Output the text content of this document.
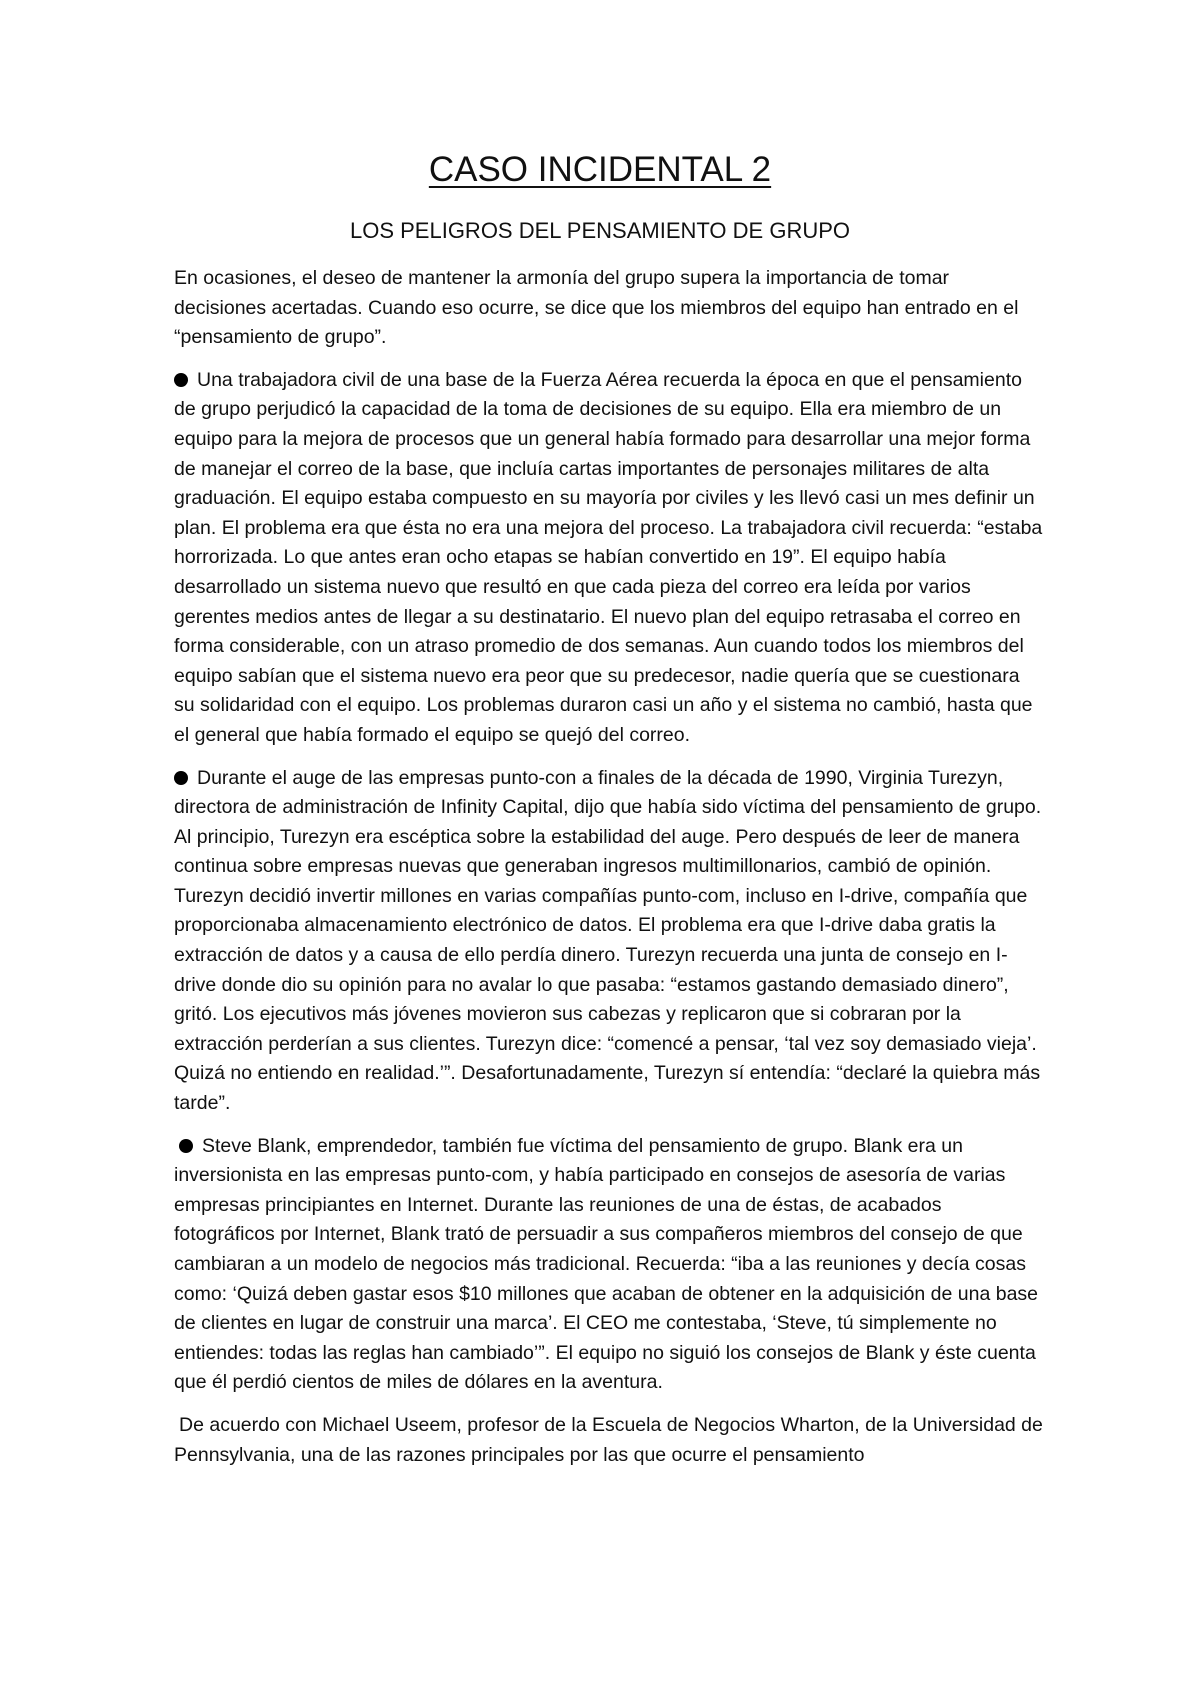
CASO INCIDENTAL 2
LOS PELIGROS DEL PENSAMIENTO DE GRUPO

En ocasiones, el deseo de mantener la armonía del grupo supera la importancia de tomar decisiones acertadas. Cuando eso ocurre, se dice que los miembros del equipo han entrado en el “pensamiento de grupo”.

Una trabajadora civil de una base de la Fuerza Aérea recuerda la época en que el pensamiento de grupo perjudicó la capacidad de la toma de decisiones de su equipo. Ella era miembro de un equipo para la mejora de procesos que un general había formado para desarrollar una mejor forma de manejar el correo de la base, que incluía cartas importantes de personajes militares de alta graduación. El equipo estaba compuesto en su mayoría por civiles y les llevó casi un mes definir un plan. El problema era que ésta no era una mejora del proceso. La trabajadora civil recuerda: “estaba horrorizada. Lo que antes eran ocho etapas se habían convertido en 19”. El equipo había desarrollado un sistema nuevo que resultó en que cada pieza del correo era leída por varios gerentes medios antes de llegar a su destinatario. El nuevo plan del equipo retrasaba el correo en forma considerable, con un atraso promedio de dos semanas. Aun cuando todos los miembros del equipo sabían que el sistema nuevo era peor que su predecesor, nadie quería que se cuestionara su solidaridad con el equipo. Los problemas duraron casi un año y el sistema no cambió, hasta que el general que había formado el equipo se quejó del correo.

Durante el auge de las empresas punto-con a finales de la década de 1990, Virginia Turezyn, directora de administración de Infinity Capital, dijo que había sido víctima del pensamiento de grupo. Al principio, Turezyn era escéptica sobre la estabilidad del auge. Pero después de leer de manera continua sobre empresas nuevas que generaban ingresos multimillonarios, cambió de opinión. Turezyn decidió invertir millones en varias compañías punto-com, incluso en I-drive, compañía que proporcionaba almacenamiento electrónico de datos. El problema era que I-drive daba gratis la extracción de datos y a causa de ello perdía dinero. Turezyn recuerda una junta de consejo en I-drive donde dio su opinión para no avalar lo que pasaba: “estamos gastando demasiado dinero”, gritó. Los ejecutivos más jóvenes movieron sus cabezas y replicaron que si cobraran por la extracción perderían a sus clientes. Turezyn dice: “comencé a pensar, ‘tal vez soy demasiado vieja’. Quizá no entiendo en realidad.’”. Desafortunadamente, Turezyn sí entendía: “declaré la quiebra más tarde”.

Steve Blank, emprendedor, también fue víctima del pensamiento de grupo. Blank era un inversionista en las empresas punto-com, y había participado en consejos de asesoría de varias empresas principiantes en Internet. Durante las reuniones de una de éstas, de acabados fotográficos por Internet, Blank trató de persuadir a sus compañeros miembros del consejo de que cambiaran a un modelo de negocios más tradicional. Recuerda: “iba a las reuniones y decía cosas como: ‘Quizá deben gastar esos $10 millones que acaban de obtener en la adquisición de una base de clientes en lugar de construir una marca’. El CEO me contestaba, ‘Steve, tú simplemente no entiendes: todas las reglas han cambiado’”. El equipo no siguió los consejos de Blank y éste cuenta que él perdió cientos de miles de dólares en la aventura.

De acuerdo con Michael Useem, profesor de la Escuela de Negocios Wharton, de la Universidad de Pennsylvania, una de las razones principales por las que ocurre el pensamiento
